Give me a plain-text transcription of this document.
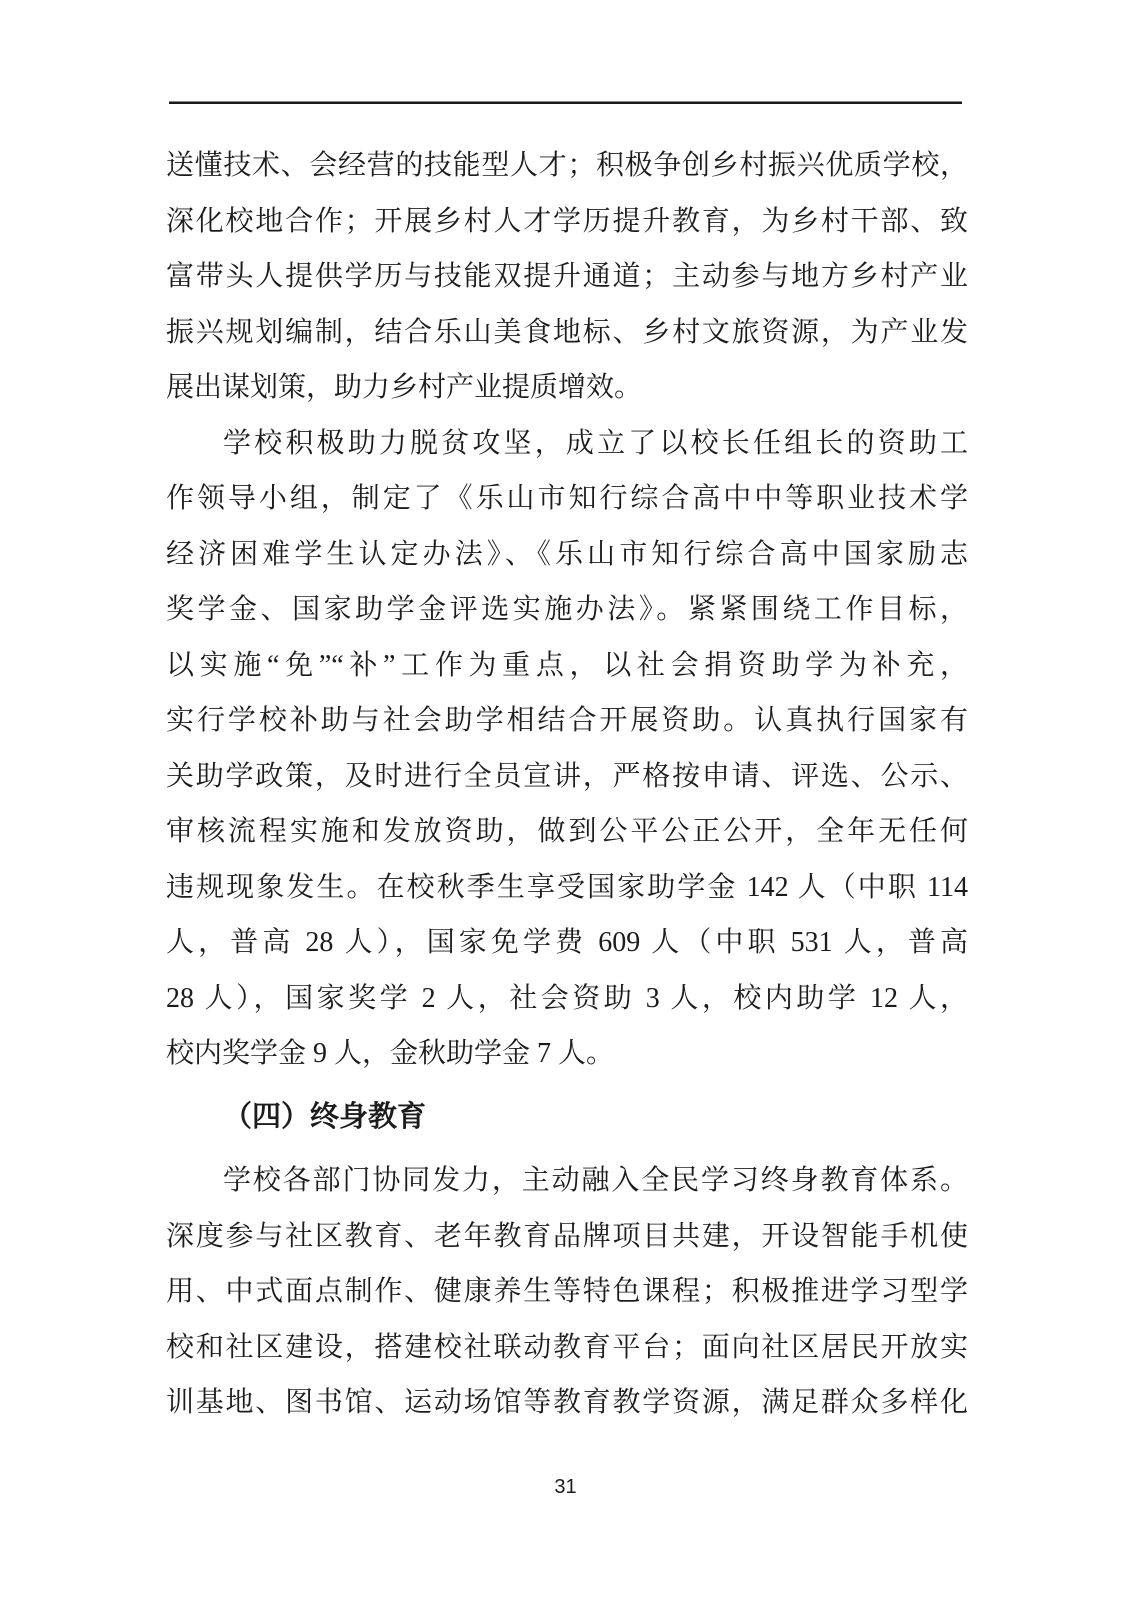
送懂技术、会经营的技能型人才；积极争创乡村振兴优质学校，
深化校地合作；开展乡村人才学历提升教育，为乡村干部、致
富带头人提供学历与技能双提升通道；主动参与地方乡村产业
振兴规划编制，结合乐山美食地标、乡村文旅资源，为产业发
展出谋划策，助力乡村产业提质增效。
学校积极助力脱贫攻坚，成立了以校长任组长的资助工
作领导小组，制定了《乐山市知行综合高中中等职业技术学
经济困难学生认定办法》、《乐山市知行综合高中国家励志
奖学金、国家助学金评选实施办法》。紧紧围绕工作目标，
以实施“免”“补”工作为重点，以社会捐资助学为补充，
实行学校补助与社会助学相结合开展资助。认真执行国家有
关助学政策，及时进行全员宣讲，严格按申请、评选、公示、
审核流程实施和发放资助，做到公平公正公开，全年无任何
违规现象发生。在校秋季生享受国家助学金 142 人（中职 114
人，普高 28 人），国家免学费 609 人（中职 531 人，普高
28 人），国家奖学 2 人，社会资助 3 人，校内助学 12 人，
校内奖学金 9 人，金秋助学金 7 人。
（四）终身教育
学校各部门协同发力，主动融入全民学习终身教育体系。
深度参与社区教育、老年教育品牌项目共建，开设智能手机使
用、中式面点制作、健康养生等特色课程；积极推进学习型学
校和社区建设，搭建校社联动教育平台；面向社区居民开放实
训基地、图书馆、运动场馆等教育教学资源，满足群众多样化
31
